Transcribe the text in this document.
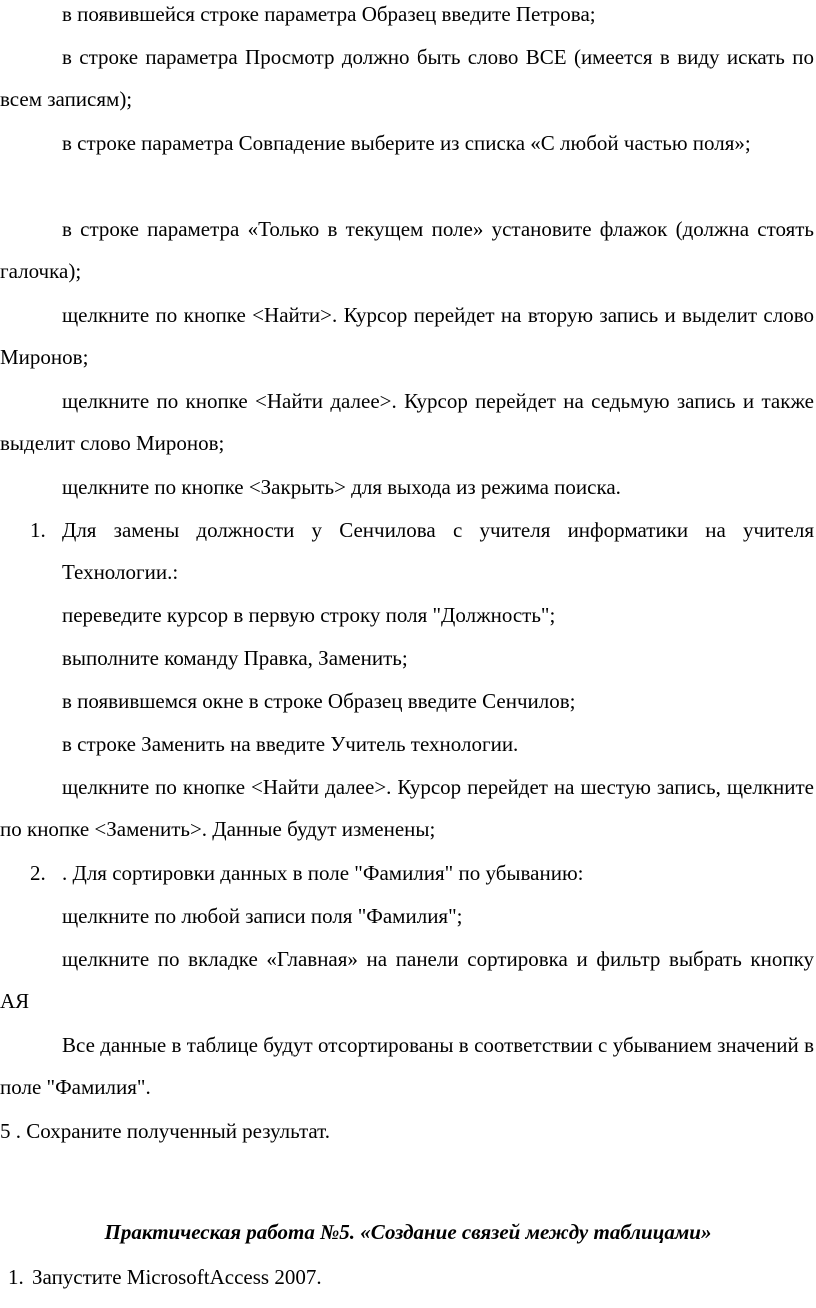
• в появившейся строке параметра Образец введите Петрова;
• в строке параметра Просмотр должно быть слово ВСЕ (имеется в виду искать по всем записям);
• в строке параметра Совпадение выберите из списка «С любой частью поля»;
• в строке параметра «Только в текущем поле» установите флажок (должна стоять галочка);
• щелкните по кнопке <Найти>. Курсор перейдет на вторую запись и выделит слово Миронов;
• щелкните по кнопке <Найти далее>. Курсор перейдет на седьмую запись и также выделит слово Миронов;
• щелкните по кнопке <Закрыть> для выхода из режима поиска.
1. Для замены должности у Сенчилова с учителя информатики на учителя Технологии.:
• переведите курсор в первую строку поля "Должность";
• выполните команду Правка, Заменить;
• в появившемся окне в строке Образец введите Сенчилов;
• в строке Заменить на введите Учитель технологии.
• щелкните по кнопке <Найти далее>. Курсор перейдет на шестую запись, щелкните по кнопке <Заменить>. Данные будут изменены;
2. . Для сортировки данных в поле "Фамилия" по убыванию:
• щелкните по любой записи поля "Фамилия";
• щелкните по вкладке «Главная» на панели сортировка и фильтр выбрать кнопку АЯ
• Все данные в таблице будут отсортированы в соответствии с убыванием значений в поле "Фамилия".
5 . Сохраните полученный результат.
Практическая работа №5. «Создание связей между таблицами»
1. Запустите MicrosoftAccess 2007.
